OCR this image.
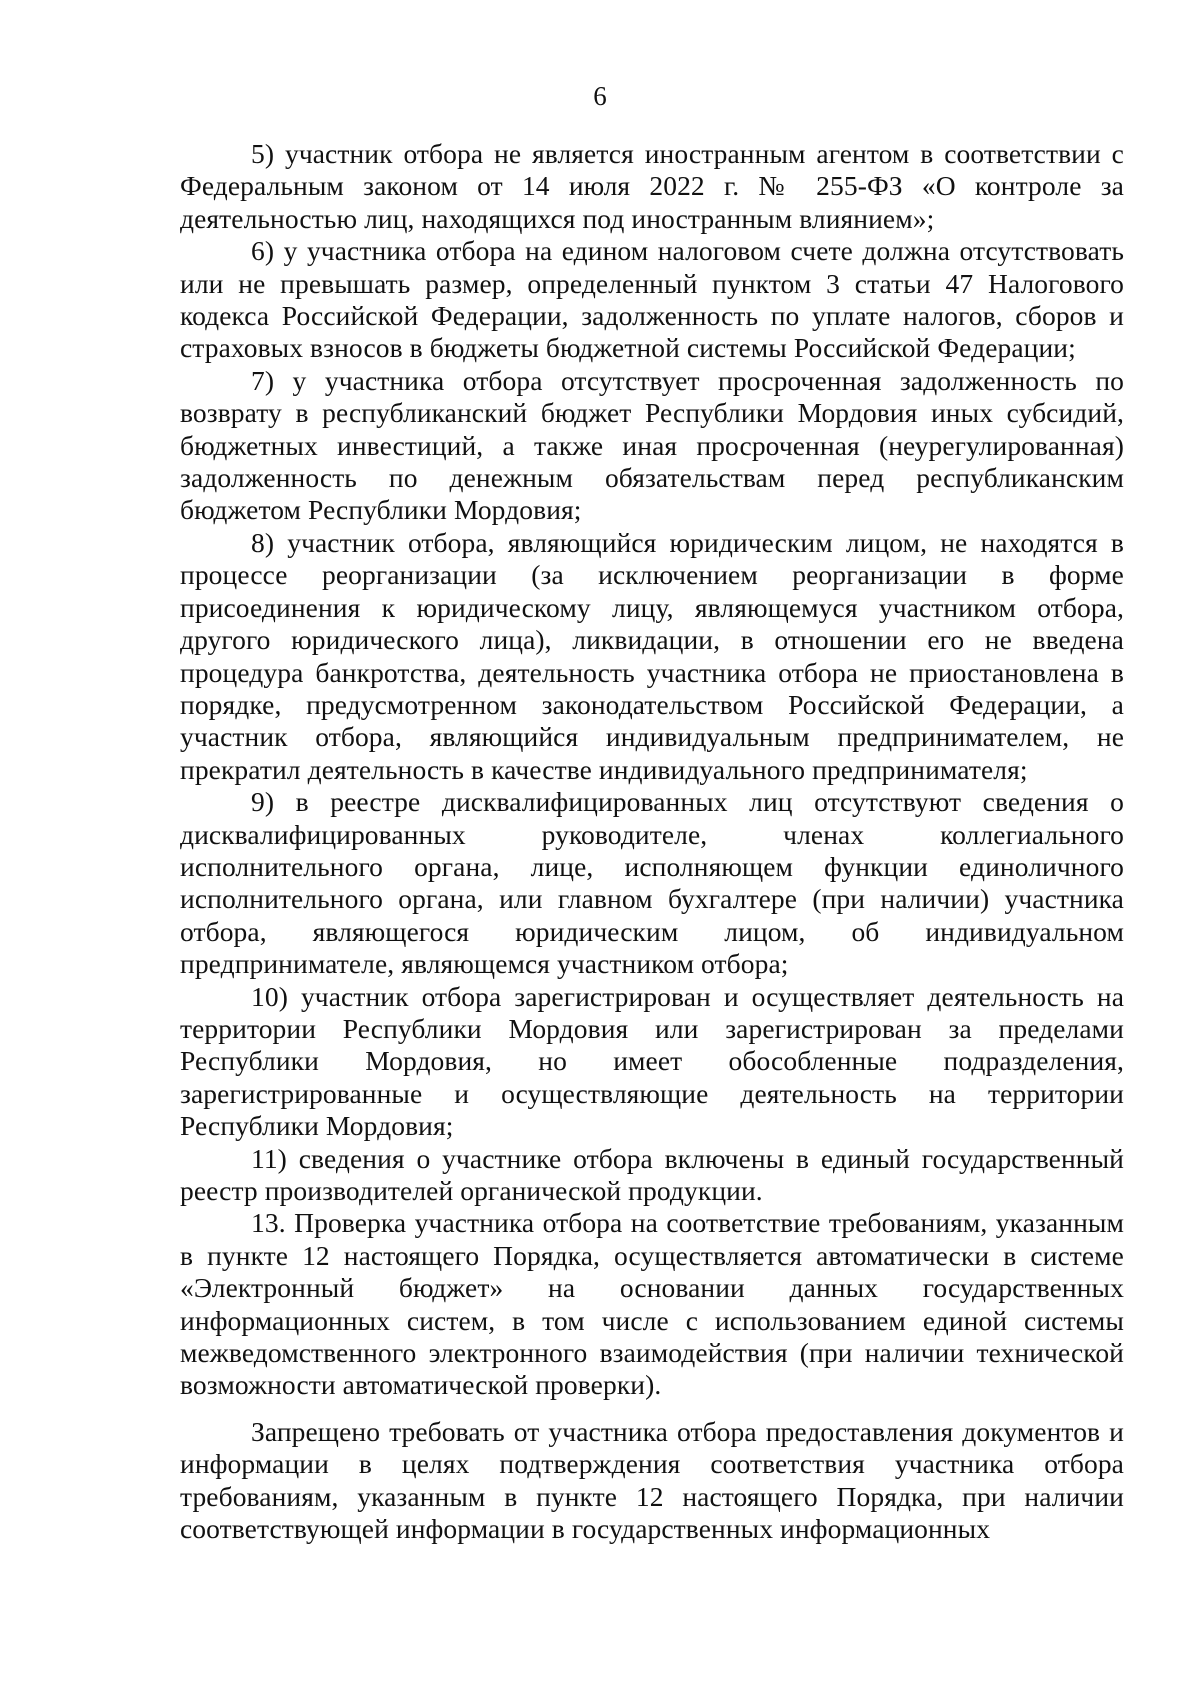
6

5) участник отбора не является иностранным агентом в соответствии с Федеральным законом от 14 июля 2022 г. № 255-ФЗ «О контроле за деятельностью лиц, находящихся под иностранным влиянием»;

6) у участника отбора на едином налоговом счете должна отсутствовать или не превышать размер, определенный пунктом 3 статьи 47 Налогового кодекса Российской Федерации, задолженность по уплате налогов, сборов и страховых взносов в бюджеты бюджетной системы Российской Федерации;

7) у участника отбора отсутствует просроченная задолженность по возврату в республиканский бюджет Республики Мордовия иных субсидий, бюджетных инвестиций, а также иная просроченная (неурегулированная) задолженность по денежным обязательствам перед республиканским бюджетом Республики Мордовия;

8) участник отбора, являющийся юридическим лицом, не находятся в процессе реорганизации (за исключением реорганизации в форме присоединения к юридическому лицу, являющемуся участником отбора, другого юридического лица), ликвидации, в отношении его не введена процедура банкротства, деятельность участника отбора не приостановлена в порядке, предусмотренном законодательством Российской Федерации, а участник отбора, являющийся индивидуальным предпринимателем, не прекратил деятельность в качестве индивидуального предпринимателя;

9) в реестре дисквалифицированных лиц отсутствуют сведения о дисквалифицированных руководителе, членах коллегиального исполнительного органа, лице, исполняющем функции единоличного исполнительного органа, или главном бухгалтере (при наличии) участника отбора, являющегося юридическим лицом, об индивидуальном предпринимателе, являющемся участником отбора;

10) участник отбора зарегистрирован и осуществляет деятельность на территории Республики Мордовия или зарегистрирован за пределами Республики Мордовия, но имеет обособленные подразделения, зарегистрированные и осуществляющие деятельность на территории Республики Мордовия;

11) сведения о участнике отбора включены в единый государственный реестр производителей органической продукции.

13. Проверка участника отбора на соответствие требованиям, указанным в пункте 12 настоящего Порядка, осуществляется автоматически в системе «Электронный бюджет» на основании данных государственных информационных систем, в том числе с использованием единой системы межведомственного электронного взаимодействия (при наличии технической возможности автоматической проверки).

Запрещено требовать от участника отбора предоставления документов и информации в целях подтверждения соответствия участника отбора требованиям, указанным в пункте 12 настоящего Порядка, при наличии соответствующей информации в государственных информационных
